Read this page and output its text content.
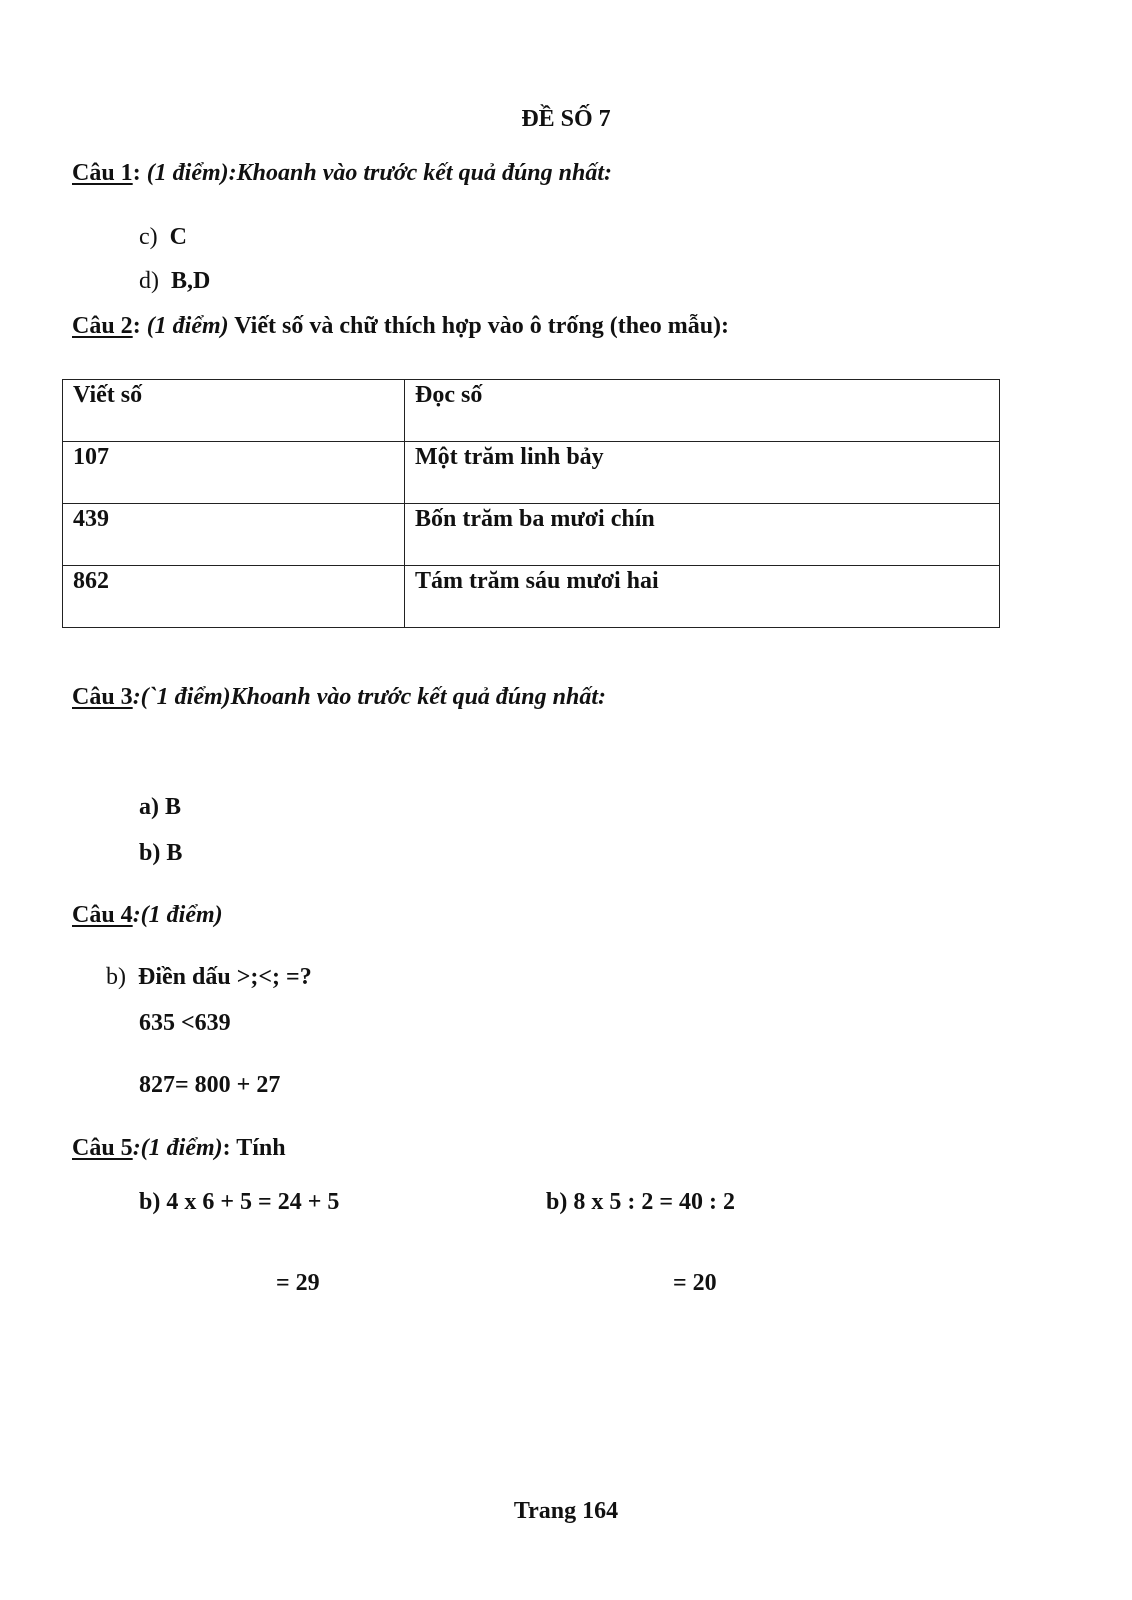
ĐỀ SỐ 7
Câu 1: (1 điểm):Khoanh vào trước kết quả đúng nhất:
c) C
d) B,D
Câu 2: (1 điểm) Viết số và chữ thích hợp vào ô trống (theo mẫu):
Viết số	Đọc số
107	Một trăm linh bảy
439	Bốn trăm ba mươi chín
862	Tám trăm sáu mươi hai
Câu 3:(`1 điểm)Khoanh vào trước kết quả đúng nhất:
a) B
b) B
Câu 4:(1 điểm)
b) Điền dấu >;<; =?
635 <639
827= 800 + 27
Câu 5:(1 điểm): Tính
b) 4 x 6 + 5 = 24 + 5	b) 8 x 5 : 2 = 40 : 2
= 29	= 20
Trang 164
